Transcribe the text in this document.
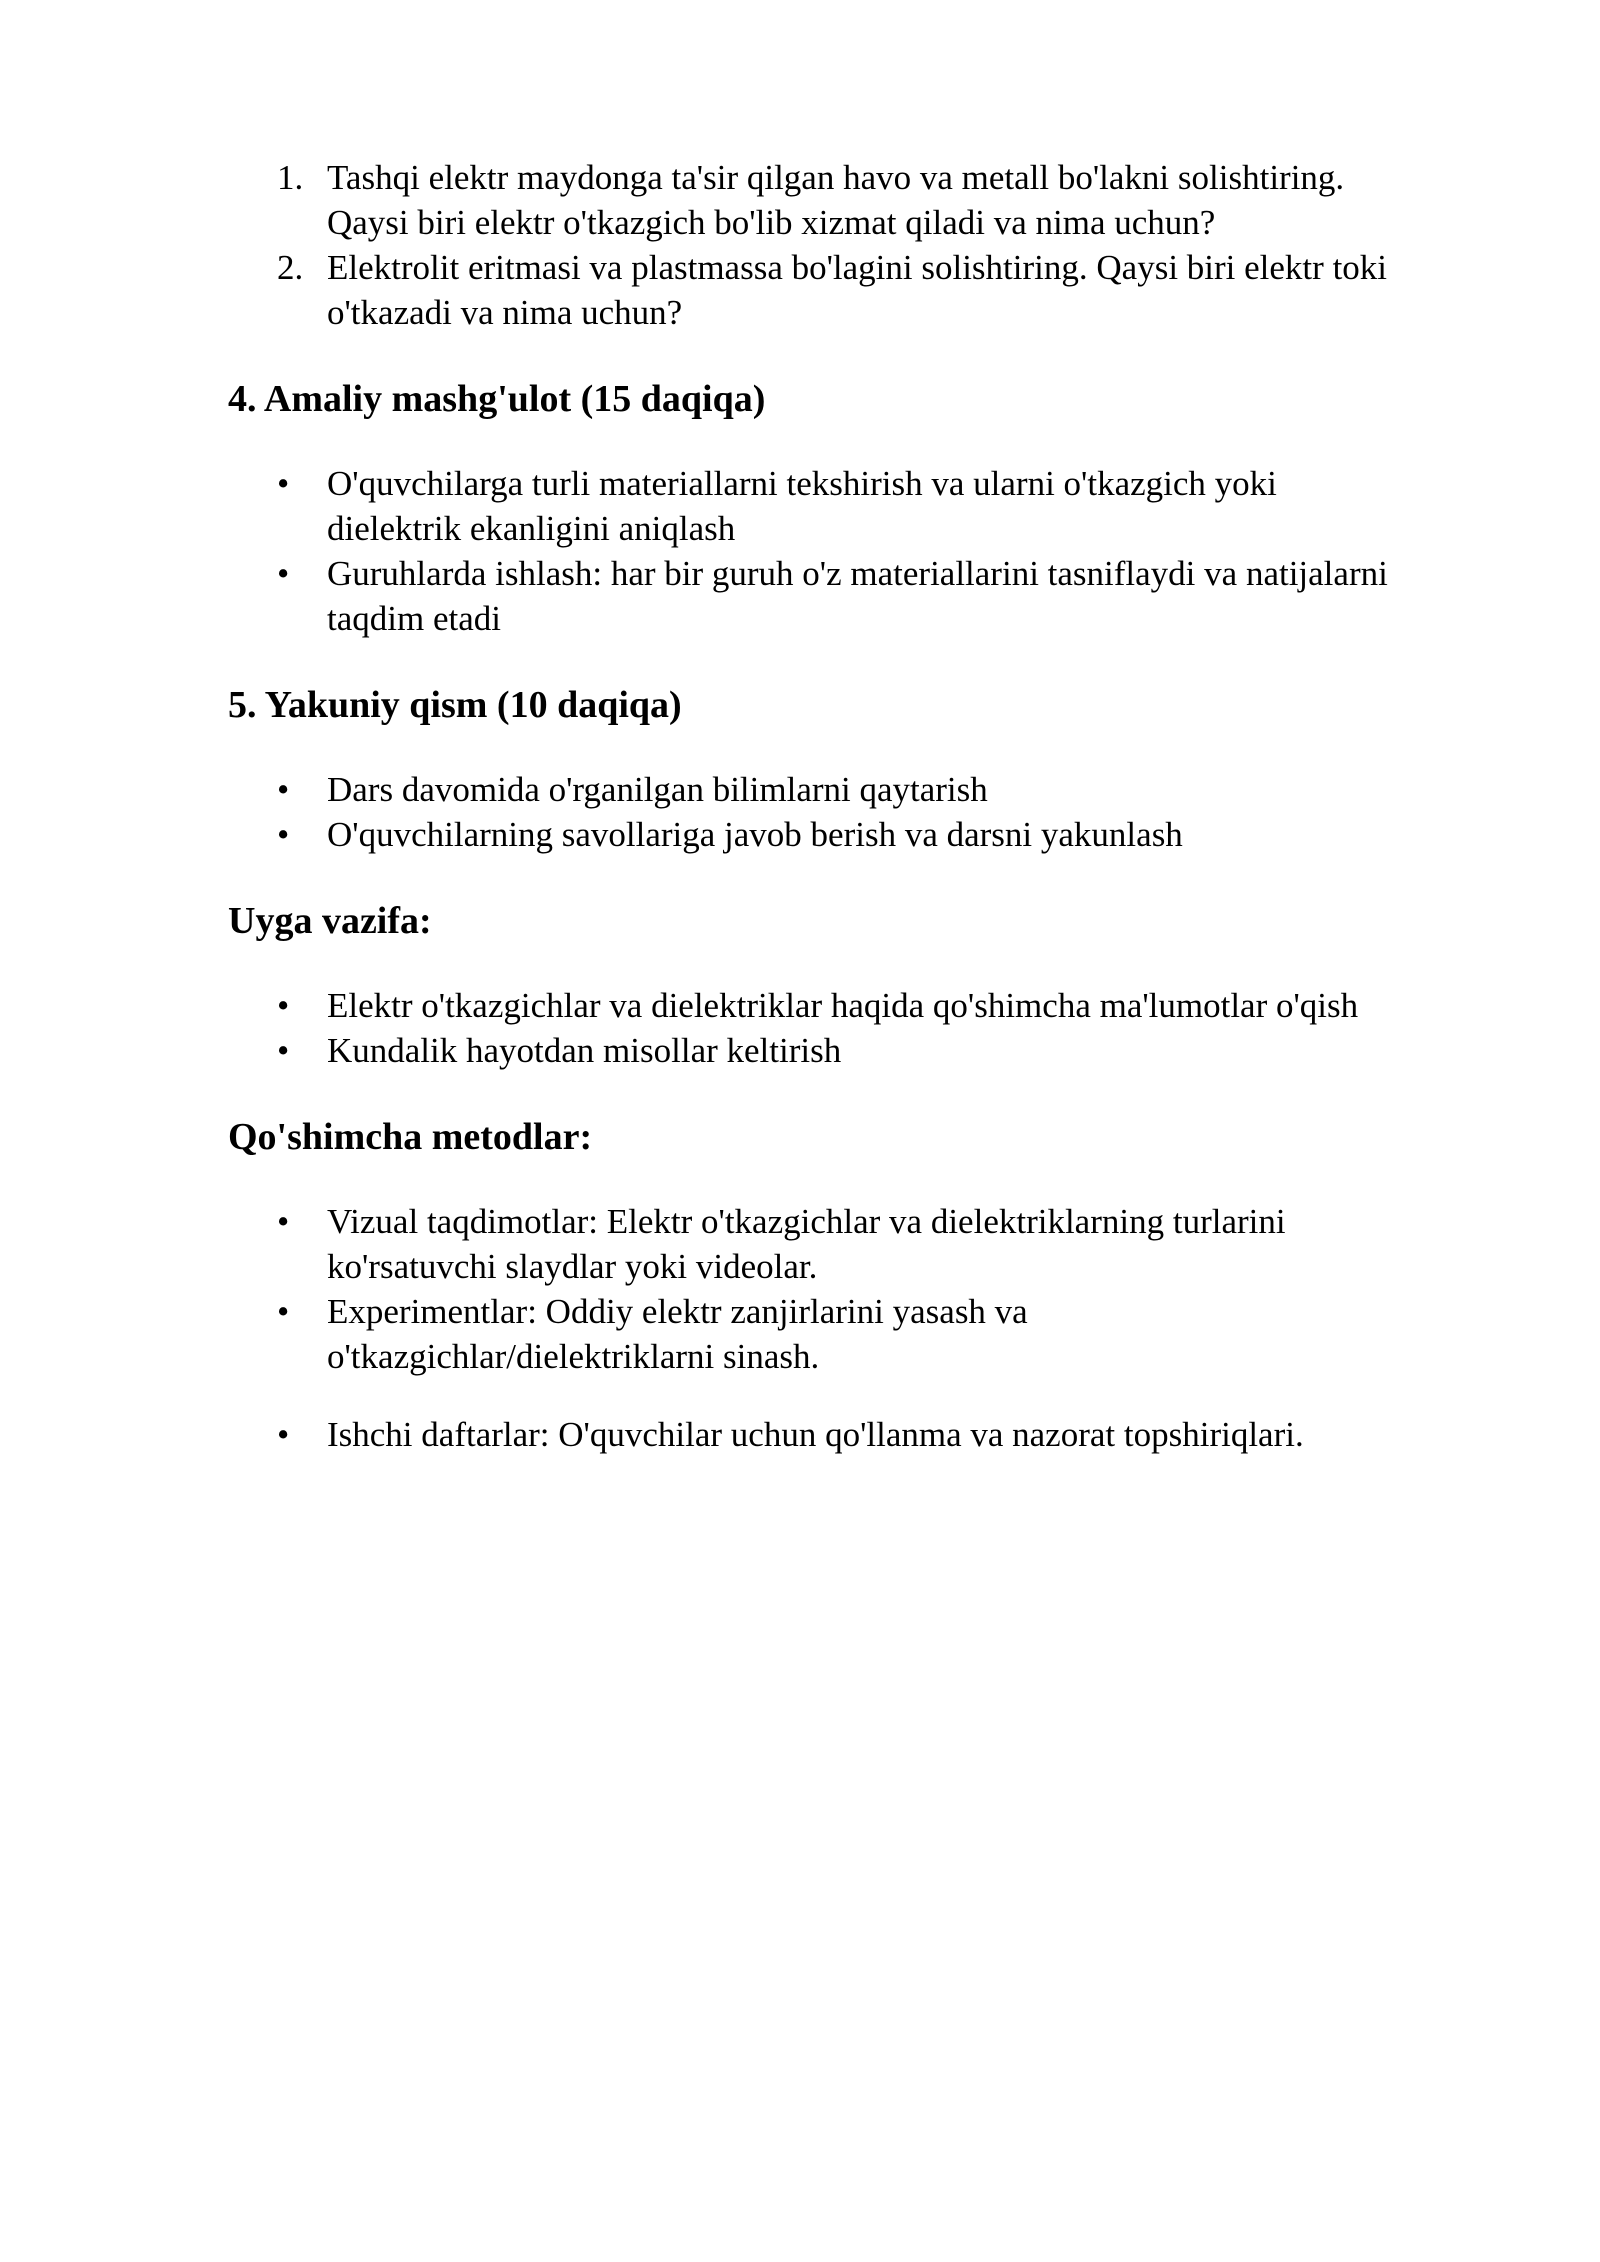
1. Tashqi elektr maydonga ta'sir qilgan havo va metall bo'lakni solishtiring.
Qaysi biri elektr o'tkazgich bo'lib xizmat qiladi va nima uchun?
2. Elektrolit eritmasi va plastmassa bo'lagini solishtiring. Qaysi biri elektr toki
o'tkazadi va nima uchun?
4. Amaliy mashg'ulot (15 daqiqa)
•	O'quvchilarga turli materiallarni tekshirish va ularni o'tkazgich yoki
dielektrik ekanligini aniqlash
•	Guruhlarda ishlash: har bir guruh o'z materiallarini tasniflaydi va natijalarni
taqdim etadi
5. Yakuniy qism (10 daqiqa)
•	Dars davomida o'rganilgan bilimlarni qaytarish
•	O'quvchilarning savollariga javob berish va darsni yakunlash
Uyga vazifa:
•	Elektr o'tkazgichlar va dielektriklar haqida qo'shimcha ma'lumotlar o'qish
•	Kundalik hayotdan misollar keltirish
Qo'shimcha metodlar:
•	Vizual taqdimotlar: Elektr o'tkazgichlar va dielektriklarning turlarini
ko'rsatuvchi slaydlar yoki videolar.
•	Experimentlar: Oddiy elektr zanjirlarini yasash va
o'tkazgichlar/dielektriklarni sinash.
•	Ishchi daftarlar: O'quvchilar uchun qo'llanma va nazorat topshiriqlari.
